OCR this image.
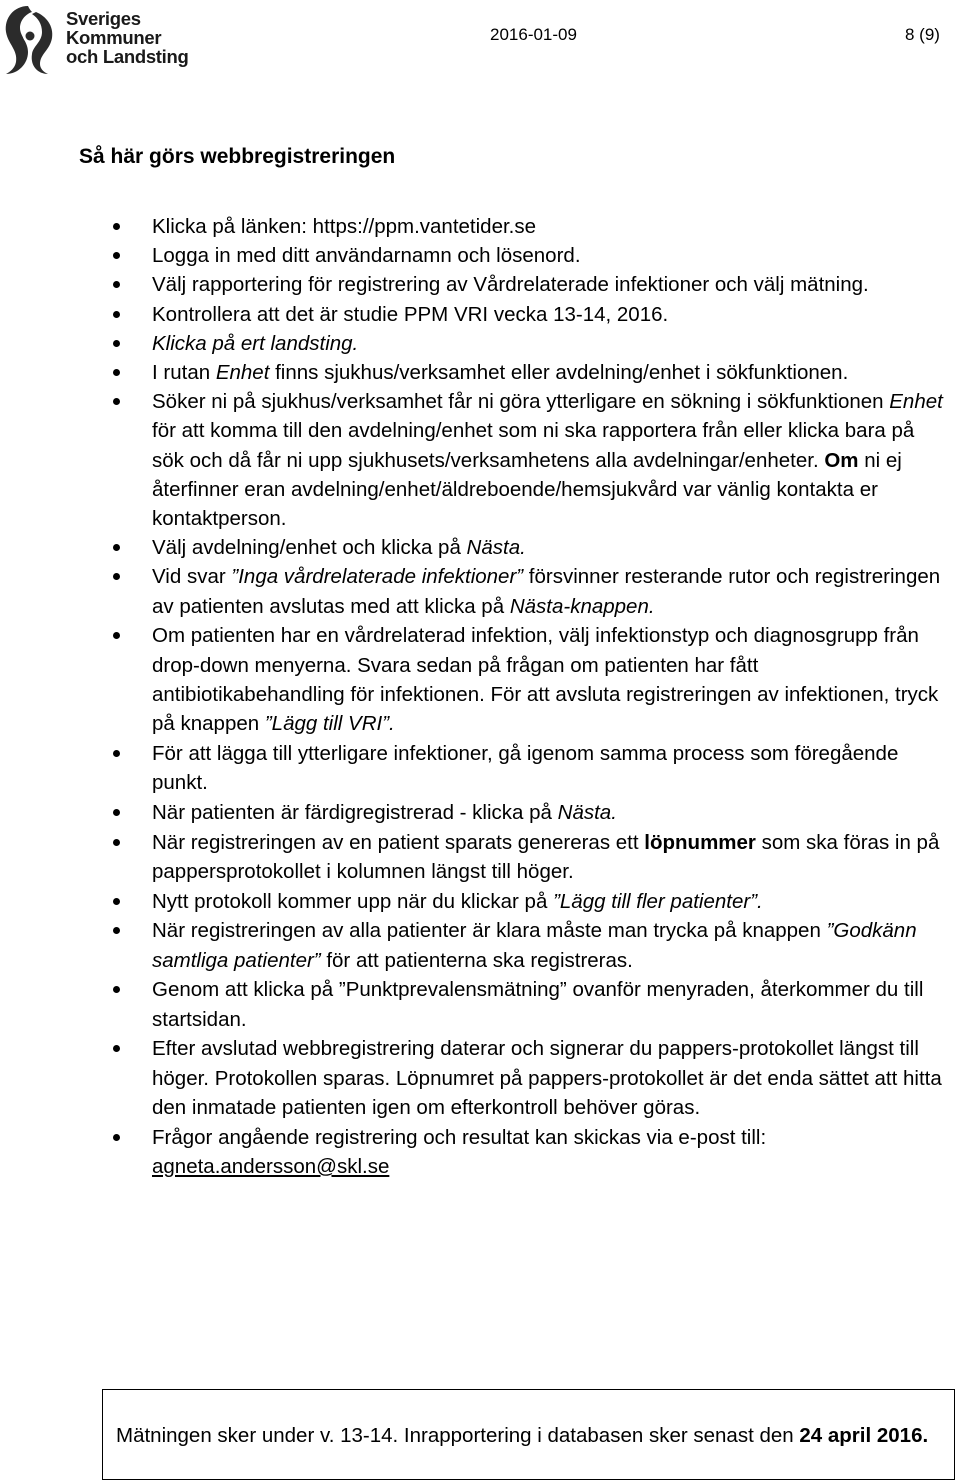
Sveriges
Kommuner
och Landsting
2016-01-09	8 (9)
Så här görs webbregistreringen
Klicka på länken: https://ppm.vantetider.se
Logga in med ditt användarnamn och lösenord.
Välj rapportering för registrering av Vårdrelaterade infektioner och välj mätning.
Kontrollera att det är studie PPM VRI vecka 13-14, 2016.
Klicka på ert landsting.
I rutan Enhet finns sjukhus/verksamhet eller avdelning/enhet i sökfunktionen.
Söker ni på sjukhus/verksamhet får ni göra ytterligare en sökning i sökfunktionen Enhet för att komma till den avdelning/enhet som ni ska rapportera från eller klicka bara på sök och då får ni upp sjukhusets/verksamhetens alla avdelningar/enheter. Om ni ej återfinner eran avdelning/enhet/äldreboende/hemsjukvård var vänlig kontakta er kontaktperson.
Välj avdelning/enhet och klicka på Nästa.
Vid svar ”Inga vårdrelaterade infektioner” försvinner resterande rutor och registreringen av patienten avslutas med att klicka på Nästa-knappen.
Om patienten har en vårdrelaterad infektion, välj infektionstyp och diagnosgrupp från drop-down menyerna. Svara sedan på frågan om patienten har fått antibiotikabehandling för infektionen. För att avsluta registreringen av infektionen, tryck på knappen ”Lägg till VRI”.
För att lägga till ytterligare infektioner, gå igenom samma process som föregående punkt.
När patienten är färdigregistrerad - klicka på Nästa.
När registreringen av en patient sparats genereras ett löpnummer som ska föras in på pappersprotokollet i kolumnen längst till höger.
Nytt protokoll kommer upp när du klickar på ”Lägg till fler patienter”.
När registreringen av alla patienter är klara måste man trycka på knappen ”Godkänn samtliga patienter” för att patienterna ska registreras.
Genom att klicka på ”Punktprevalensmätning” ovanför menyraden, återkommer du till startsidan.
Efter avslutad webbregistrering daterar och signerar du pappers-protokollet längst till höger. Protokollen sparas. Löpnumret på pappers-protokollet är det enda sättet att hitta den inmatade patienten igen om efterkontroll behöver göras.
Frågor angående registrering och resultat kan skickas via e-post till: agneta.andersson@skl.se
Mätningen sker under v. 13-14. Inrapportering i databasen sker senast den 24 april 2016.
